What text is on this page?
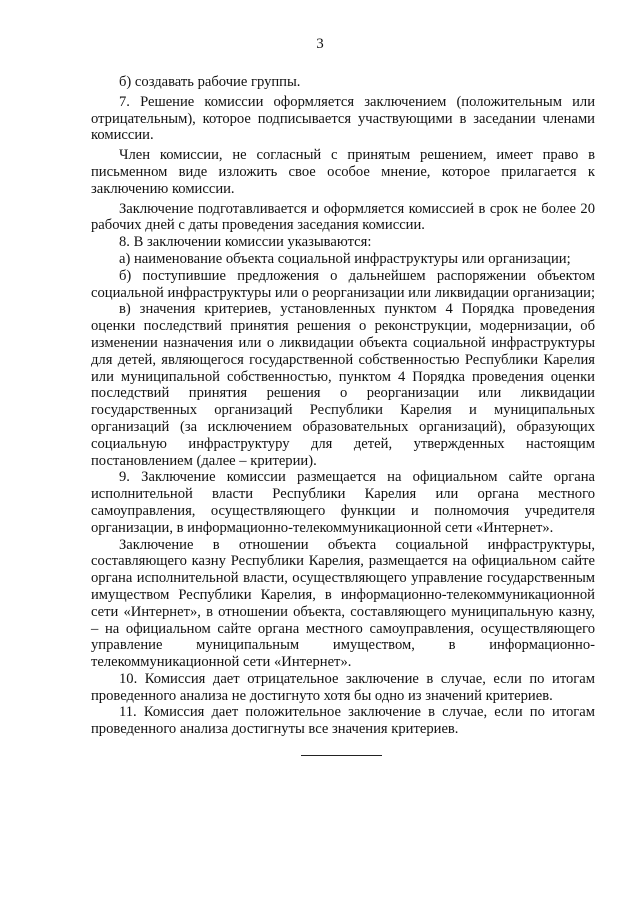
3

б) создавать рабочие группы.

7. Решение комиссии оформляется заключением (положительным или отрицательным), которое подписывается участвующими в заседании членами комиссии.

Член комиссии, не согласный с принятым решением, имеет право в письменном виде изложить свое особое мнение, которое прилагается к заключению комиссии.

Заключение подготавливается и оформляется комиссией в срок не более 20 рабочих дней с даты проведения заседания комиссии.

8. В заключении комиссии указываются:

а) наименование объекта социальной инфраструктуры или организации;

б) поступившие предложения о дальнейшем распоряжении объектом социальной инфраструктуры или о реорганизации или ликвидации организации;

в) значения критериев, установленных пунктом 4 Порядка проведения оценки последствий принятия решения о реконструкции, модернизации, об изменении назначения или о ликвидации объекта социальной инфраструктуры для детей, являющегося государственной собственностью Республики Карелия или муниципальной собственностью, пунктом 4 Порядка проведения оценки последствий принятия решения о реорганизации или ликвидации государственных организаций Республики Карелия и муниципальных организаций (за исключением образовательных организаций), образующих социальную инфраструктуру для детей, утвержденных настоящим постановлением (далее – критерии).

9. Заключение комиссии размещается на официальном сайте органа исполнительной власти Республики Карелия или органа местного самоуправления, осуществляющего функции и полномочия учредителя организации, в информационно-телекоммуникационной сети «Интернет».

Заключение в отношении объекта социальной инфраструктуры, составляющего казну Республики Карелия, размещается на официальном сайте органа исполнительной власти, осуществляющего управление государственным имуществом Республики Карелия, в информационно-телекоммуникационной сети «Интернет», в отношении объекта, составляющего муниципальную казну, – на официальном сайте органа местного самоуправления, осуществляющего управление муниципальным имуществом, в информационно-телекоммуникационной сети «Интернет».

10. Комиссия дает отрицательное заключение в случае, если по итогам проведенного анализа не достигнуто хотя бы одно из значений критериев.

11. Комиссия дает положительное заключение в случае, если по итогам проведенного анализа достигнуты все значения критериев.
